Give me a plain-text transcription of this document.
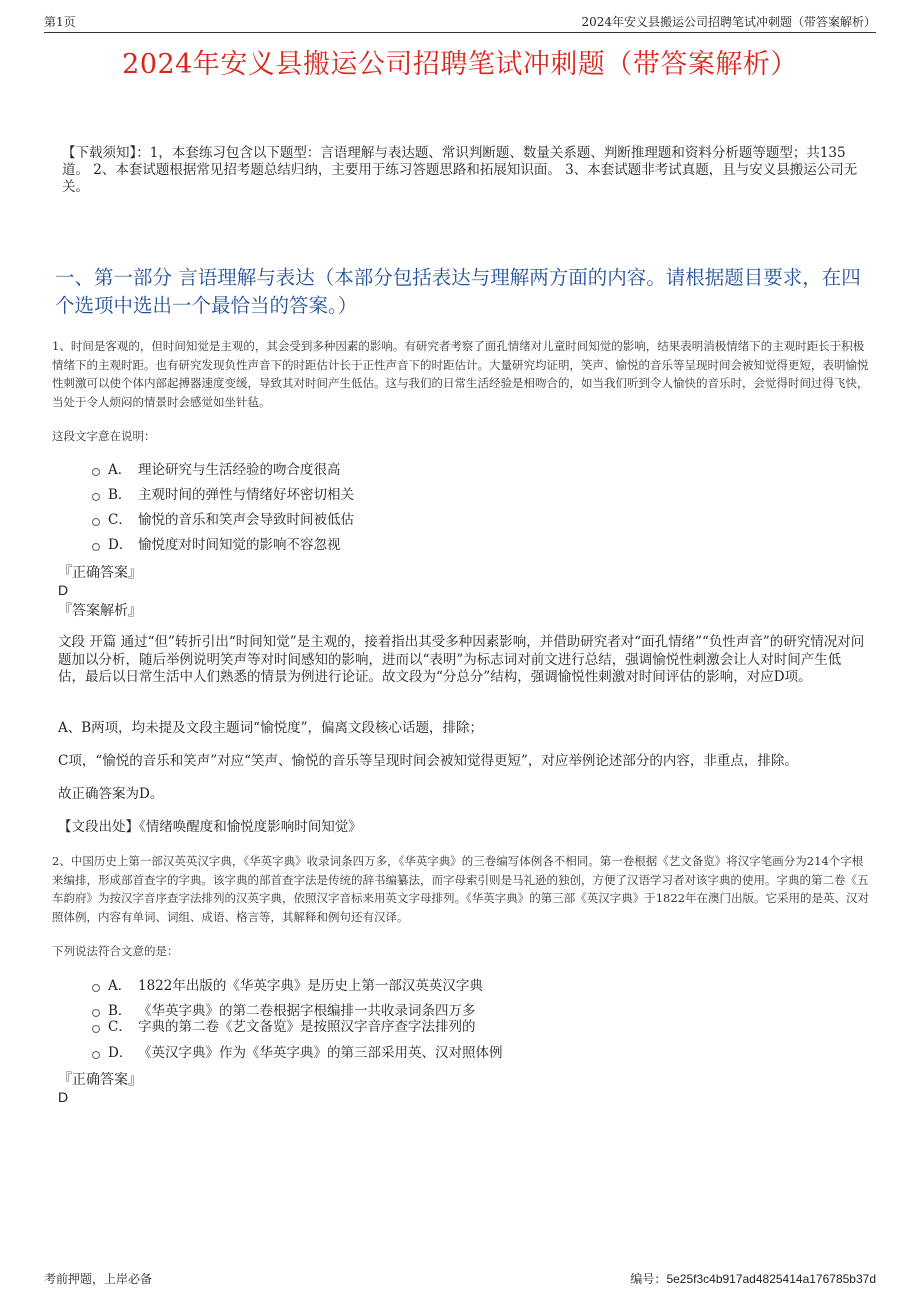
第1页	2024年安义县搬运公司招聘笔试冲刺题（带答案解析）
2024年安义县搬运公司招聘笔试冲刺题（带答案解析）
【下载须知】：1，本套练习包含以下题型：言语理解与表达题、常识判断题、数量关系题、判断推理题和资料分析题等题型；共135道。 2、本套试题根据常见招考题总结归纳，主要用于练习答题思路和拓展知识面。 3、本套试题非考试真题，且与安义县搬运公司无关。
一、第一部分 言语理解与表达（本部分包括表达与理解两方面的内容。请根据题目要求，在四个选项中选出一个最恰当的答案。）
1、时间是客观的，但时间知觉是主观的，其会受到多种因素的影响。有研究者考察了面孔情绪对儿童时间知觉的影响，结果表明消极情绪下的主观时距长于积极情绪下的主观时距。也有研究发现负性声音下的时距估计长于正性声音下的时距估计。大量研究均证明，笑声、愉悦的音乐等呈现时间会被知觉得更短，表明愉悦性刺激可以使个体内部起搏器速度变缓，导致其对时间产生低估。这与我们的日常生活经验是相吻合的，如当我们听到令人愉快的音乐时，会觉得时间过得飞快，当处于令人烦闷的情景时会感觉如坐针毡。
这段文字意在说明：
A． 理论研究与生活经验的吻合度很高
B． 主观时间的弹性与情绪好坏密切相关
C． 愉悦的音乐和笑声会导致时间被低估
D． 愉悦度对时间知觉的影响不容忽视
『正确答案』
D
『答案解析』
文段 开篇 通过“但”转折引出“时间知觉”是主观的，接着指出其受多种因素影响，并借助研究者对“面孔情绪”“负性声音”的研究情况对问题加以分析，随后举例说明笑声等对时间感知的影响，进而以“表明”为标志词对前文进行总结，强调愉悦性刺激会让人对时间产生低估，最后以日常生活中人们熟悉的情景为例进行论证。故文段为“分总分”结构，强调愉悦性刺激对时间评估的影响，对应D项。
A、B两项，均未提及文段主题词“愉悦度”，偏离文段核心话题，排除；
C项，“愉悦的音乐和笑声”对应“笑声、愉悦的音乐等呈现时间会被知觉得更短”，对应举例论述部分的内容，非重点，排除。
故正确答案为D。
【文段出处】《情绪唤醒度和愉悦度影响时间知觉》
2、中国历史上第一部汉英英汉字典，《华英字典》收录词条四万多，《华英字典》的三卷编写体例各不相同。第一卷根据《艺文备览》将汉字笔画分为214个字根来编排，形成部首查字的字典。该字典的部首查字法是传统的辞书编纂法，而字母索引则是马礼逊的独创，方便了汉语学习者对该字典的使用。字典的第二卷《五车韵府》为按汉字音序查字法排列的汉英字典，依照汉字音标来用英文字母排列。《华英字典》的第三部《英汉字典》于1822年在澳门出版。它采用的是英、汉对照体例，内容有单词、词组、成语、格言等，其解释和例句还有汉译。
下列说法符合文意的是：
A． 1822年出版的《华英字典》是历史上第一部汉英英汉字典
B． 《华英字典》的第二卷根据字根编排一共收录词条四万多
C． 字典的第二卷《艺文备览》是按照汉字音序查字法排列的
D． 《英汉字典》作为《华英字典》的第三部采用英、汉对照体例
『正确答案』
D
考前押题，上岸必备	编号：5e25f3c4b917ad4825414a176785b37d
